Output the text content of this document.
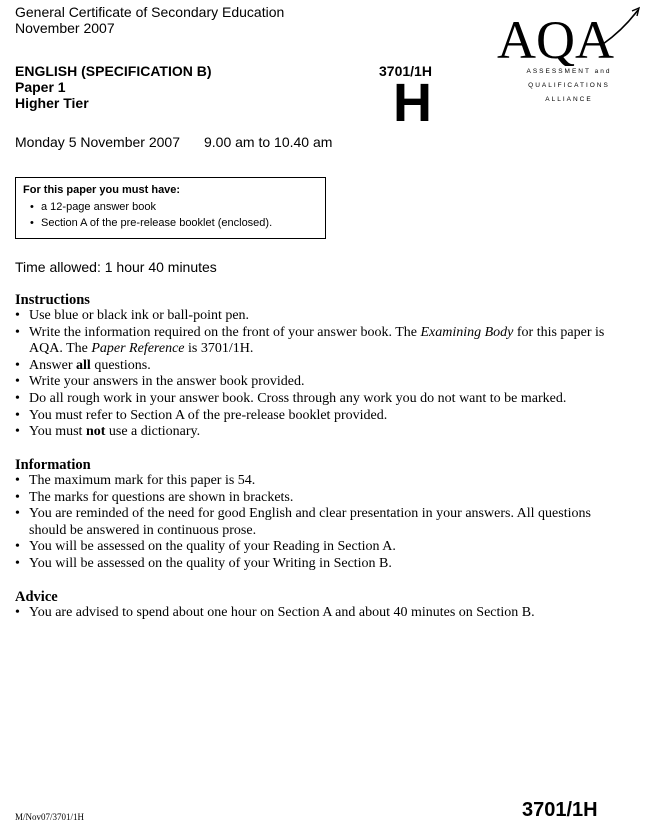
General Certificate of Secondary Education
November 2007
ENGLISH (SPECIFICATION B)
Paper 1
Higher Tier
3701/1H
H
AQA
ASSESSMENT and
QUALIFICATIONS
ALLIANCE
Monday 5 November 2007 9.00 am to 10.40 am
For this paper you must have:
• a 12-page answer book
• Section A of the pre-release booklet (enclosed).
Time allowed: 1 hour 40 minutes
Instructions
• Use blue or black ink or ball-point pen.
• Write the information required on the front of your answer book. The Examining Body for this paper is AQA. The Paper Reference is 3701/1H.
• Answer all questions.
• Write your answers in the answer book provided.
• Do all rough work in your answer book. Cross through any work you do not want to be marked.
• You must refer to Section A of the pre-release booklet provided.
• You must not use a dictionary.
Information
• The maximum mark for this paper is 54.
• The marks for questions are shown in brackets.
• You are reminded of the need for good English and clear presentation in your answers. All questions should be answered in continuous prose.
• You will be assessed on the quality of your Reading in Section A.
• You will be assessed on the quality of your Writing in Section B.
Advice
• You are advised to spend about one hour on Section A and about 40 minutes on Section B.
M/Nov07/3701/1H	3701/1H
